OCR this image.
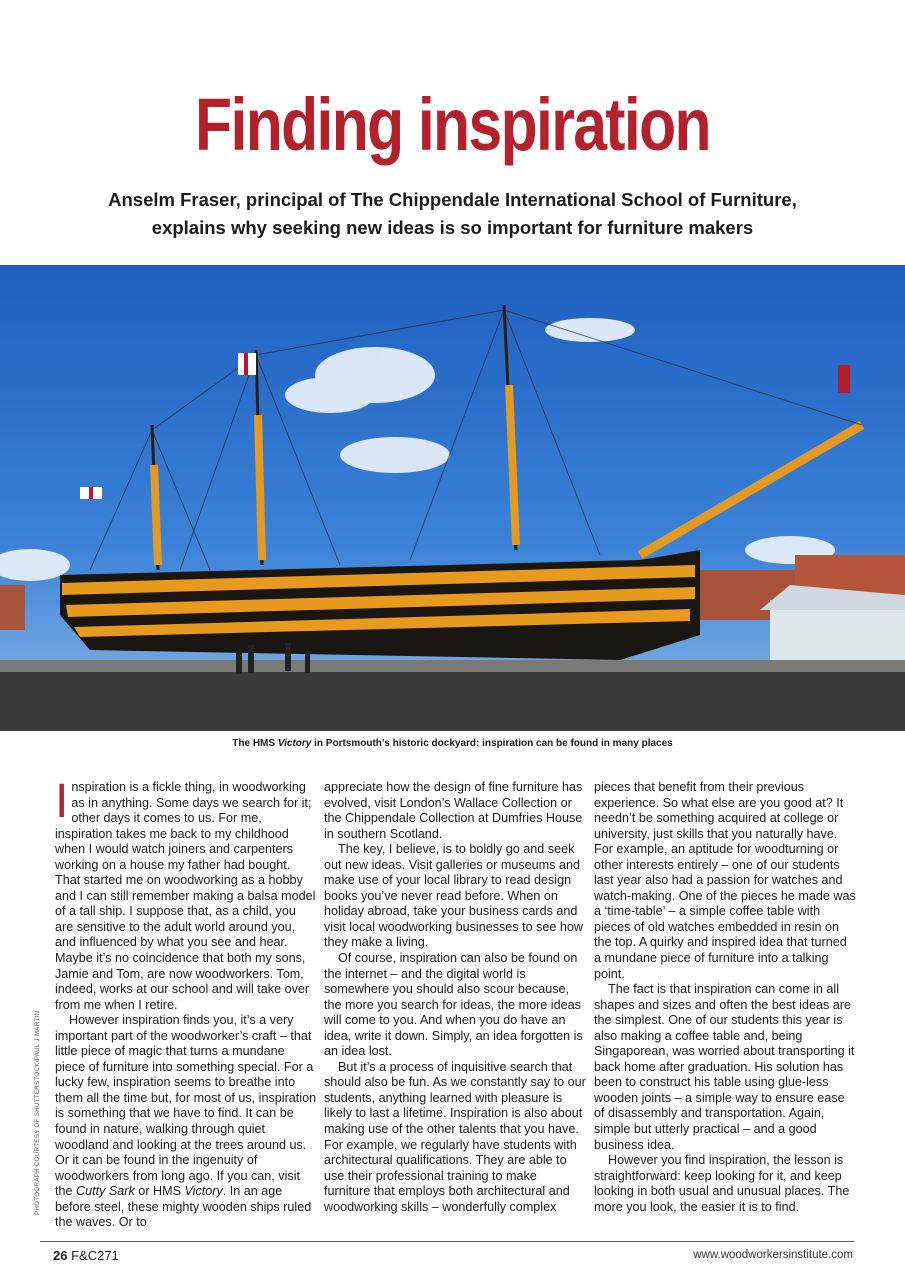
Finding inspiration
Anselm Fraser, principal of The Chippendale International School of Furniture,
explains why seeking new ideas is so important for furniture makers
The HMS Victory in Portsmouth’s historic dockyard: inspiration can be found in many places
PHOTOGRAPH COURTESY OF SHUTTERSTOCK/PAUL J MARTIN

Inspiration is a fickle thing, in woodworking as in anything. Some days we search for it; other days it comes to us. For me, inspiration takes me back to my childhood when I would watch joiners and carpenters working on a house my father had bought. That started me on woodworking as a hobby and I can still remember making a balsa model of a tall ship. I suppose that, as a child, you are sensitive to the adult world around you, and influenced by what you see and hear. Maybe it’s no coincidence that both my sons, Jamie and Tom, are now woodworkers. Tom, indeed, works at our school and will take over from me when I retire.

However inspiration finds you, it’s a very important part of the woodworker’s craft – that little piece of magic that turns a mundane piece of furniture into something special. For a lucky few, inspiration seems to breathe into them all the time but, for most of us, inspiration is something that we have to find. It can be found in nature, walking through quiet woodland and looking at the trees around us. Or it can be found in the ingenuity of woodworkers from long ago. If you can, visit the Cutty Sark or HMS Victory. In an age before steel, these mighty wooden ships ruled the waves. Or to

appreciate how the design of fine furniture has evolved, visit London’s Wallace Collection or the Chippendale Collection at Dumfries House in southern Scotland.

The key, I believe, is to boldly go and seek out new ideas. Visit galleries or museums and make use of your local library to read design books you’ve never read before. When on holiday abroad, take your business cards and visit local woodworking businesses to see how they make a living.

Of course, inspiration can also be found on the internet – and the digital world is somewhere you should also scour because, the more you search for ideas, the more ideas will come to you. And when you do have an idea, write it down. Simply, an idea forgotten is an idea lost.

But it’s a process of inquisitive search that should also be fun. As we constantly say to our students, anything learned with pleasure is likely to last a lifetime. Inspiration is also about making use of the other talents that you have. For example, we regularly have students with architectural qualifications. They are able to use their professional training to make furniture that employs both architectural and woodworking skills – wonderfully complex

pieces that benefit from their previous experience. So what else are you good at? It needn’t be something acquired at college or university, just skills that you naturally have. For example, an aptitude for woodturning or other interests entirely – one of our students last year also had a passion for watches and watch-making. One of the pieces he made was a ‘time-table’ – a simple coffee table with pieces of old watches embedded in resin on the top. A quirky and inspired idea that turned a mundane piece of furniture into a talking point.

The fact is that inspiration can come in all shapes and sizes and often the best ideas are the simplest. One of our students this year is also making a coffee table and, being Singaporean, was worried about transporting it back home after graduation. His solution has been to construct his table using glue-less wooden joints – a simple way to ensure ease of disassembly and transportation. Again, simple but utterly practical – and a good business idea.

However you find inspiration, the lesson is straightforward: keep looking for it, and keep looking in both usual and unusual places. The more you look, the easier it is to find.

26 F&C271	www.woodworkersinstitute.com
